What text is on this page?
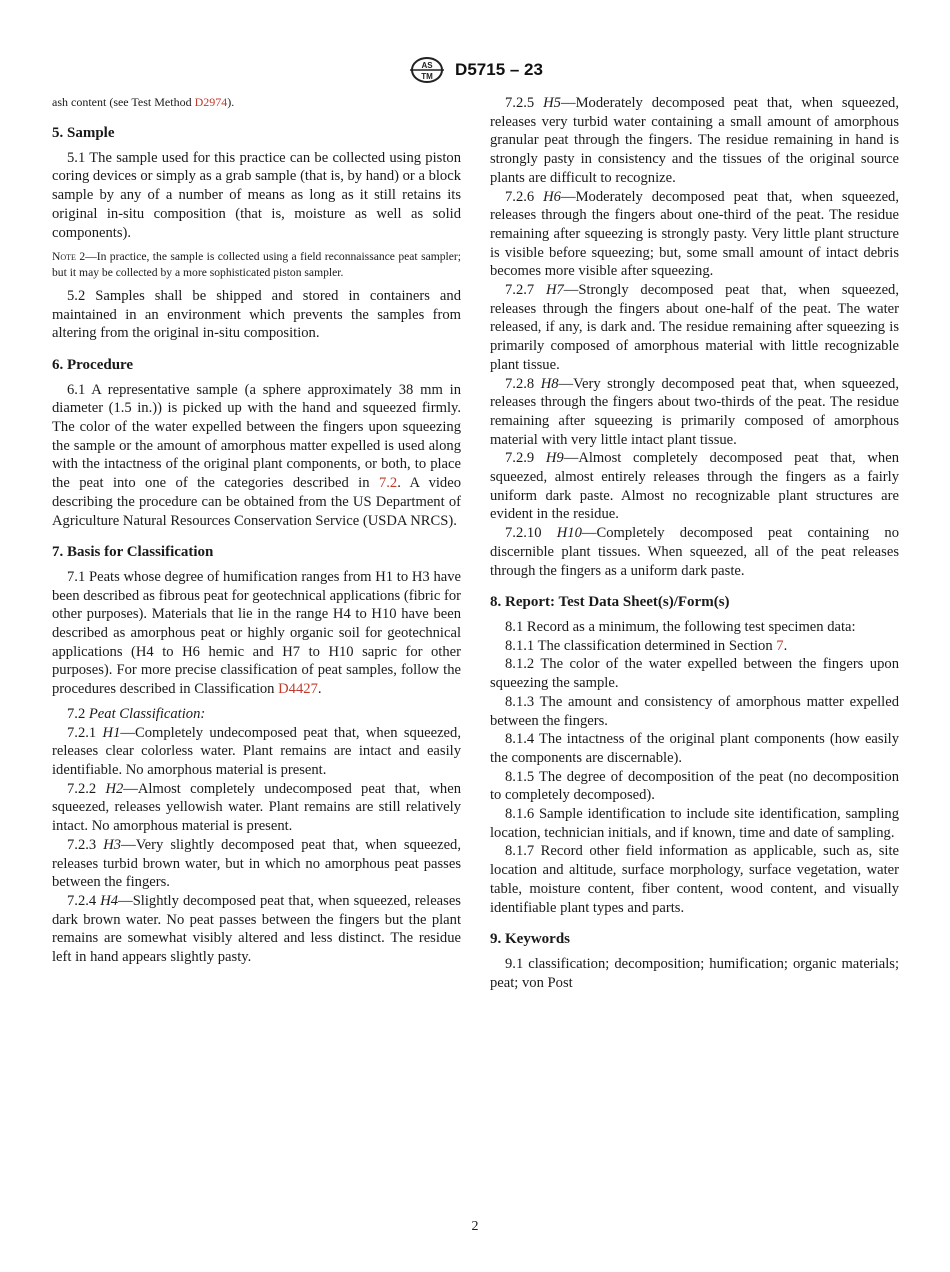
AS
TM D5715 – 23

ash content (see Test Method D2974).

5. Sample

5.1 The sample used for this practice can be collected using piston coring devices or simply as a grab sample (that is, by hand) or a block sample by any of a number of means as long as it still retains its original in-situ composition (that is, moisture as well as solid components).

Note 2—In practice, the sample is collected using a field reconnaissance peat sampler; but it may be collected by a more sophisticated piston sampler.

5.2 Samples shall be shipped and stored in containers and maintained in an environment which prevents the samples from altering from the original in-situ composition.

6. Procedure

6.1 A representative sample (a sphere approximately 38 mm in diameter (1.5 in.)) is picked up with the hand and squeezed firmly. The color of the water expelled between the fingers upon squeezing the sample or the amount of amorphous matter expelled is used along with the intactness of the original plant components, or both, to place the peat into one of the categories described in 7.2. A video describing the procedure can be obtained from the US Department of Agriculture Natural Resources Conservation Service (USDA NRCS).

7. Basis for Classification

7.1 Peats whose degree of humification ranges from H1 to H3 have been described as fibrous peat for geotechnical applications (fibric for other purposes). Materials that lie in the range H4 to H10 have been described as amorphous peat or highly organic soil for geotechnical applications (H4 to H6 hemic and H7 to H10 sapric for other purposes). For more precise classification of peat samples, follow the procedures described in Classification D4427.

7.2 Peat Classification:

7.2.1 H1—Completely undecomposed peat that, when squeezed, releases clear colorless water. Plant remains are intact and easily identifiable. No amorphous material is present.

7.2.2 H2—Almost completely undecomposed peat that, when squeezed, releases yellowish water. Plant remains are still relatively intact. No amorphous material is present.

7.2.3 H3—Very slightly decomposed peat that, when squeezed, releases turbid brown water, but in which no amorphous peat passes between the fingers.

7.2.4 H4—Slightly decomposed peat that, when squeezed, releases dark brown water. No peat passes between the fingers but the plant remains are somewhat visibly altered and less distinct. The residue left in hand appears slightly pasty.

7.2.5 H5—Moderately decomposed peat that, when squeezed, releases very turbid water containing a small amount of amorphous granular peat through the fingers. The residue remaining in hand is strongly pasty in consistency and the tissues of the original source plants are difficult to recognize.

7.2.6 H6—Moderately decomposed peat that, when squeezed, releases through the fingers about one-third of the peat. The residue remaining after squeezing is strongly pasty. Very little plant structure is visible before squeezing; but, some small amount of intact debris becomes more visible after squeezing.

7.2.7 H7—Strongly decomposed peat that, when squeezed, releases through the fingers about one-half of the peat. The water released, if any, is dark and. The residue remaining after squeezing is primarily composed of amorphous material with little recognizable plant tissue.

7.2.8 H8—Very strongly decomposed peat that, when squeezed, releases through the fingers about two-thirds of the peat. The residue remaining after squeezing is primarily composed of amorphous material with very little intact plant tissue.

7.2.9 H9—Almost completely decomposed peat that, when squeezed, almost entirely releases through the fingers as a fairly uniform dark paste. Almost no recognizable plant structures are evident in the residue.

7.2.10 H10—Completely decomposed peat containing no discernible plant tissues. When squeezed, all of the peat releases through the fingers as a uniform dark paste.

8. Report: Test Data Sheet(s)/Form(s)

8.1 Record as a minimum, the following test specimen data:

8.1.1 The classification determined in Section 7.

8.1.2 The color of the water expelled between the fingers upon squeezing the sample.

8.1.3 The amount and consistency of amorphous matter expelled between the fingers.

8.1.4 The intactness of the original plant components (how easily the components are discernable).

8.1.5 The degree of decomposition of the peat (no decomposition to completely decomposed).

8.1.6 Sample identification to include site identification, sampling location, technician initials, and if known, time and date of sampling.

8.1.7 Record other field information as applicable, such as, site location and altitude, surface morphology, surface vegetation, water table, moisture content, fiber content, wood content, and visually identifiable plant types and parts.

9. Keywords

9.1 classification; decomposition; humification; organic materials; peat; von Post

2
